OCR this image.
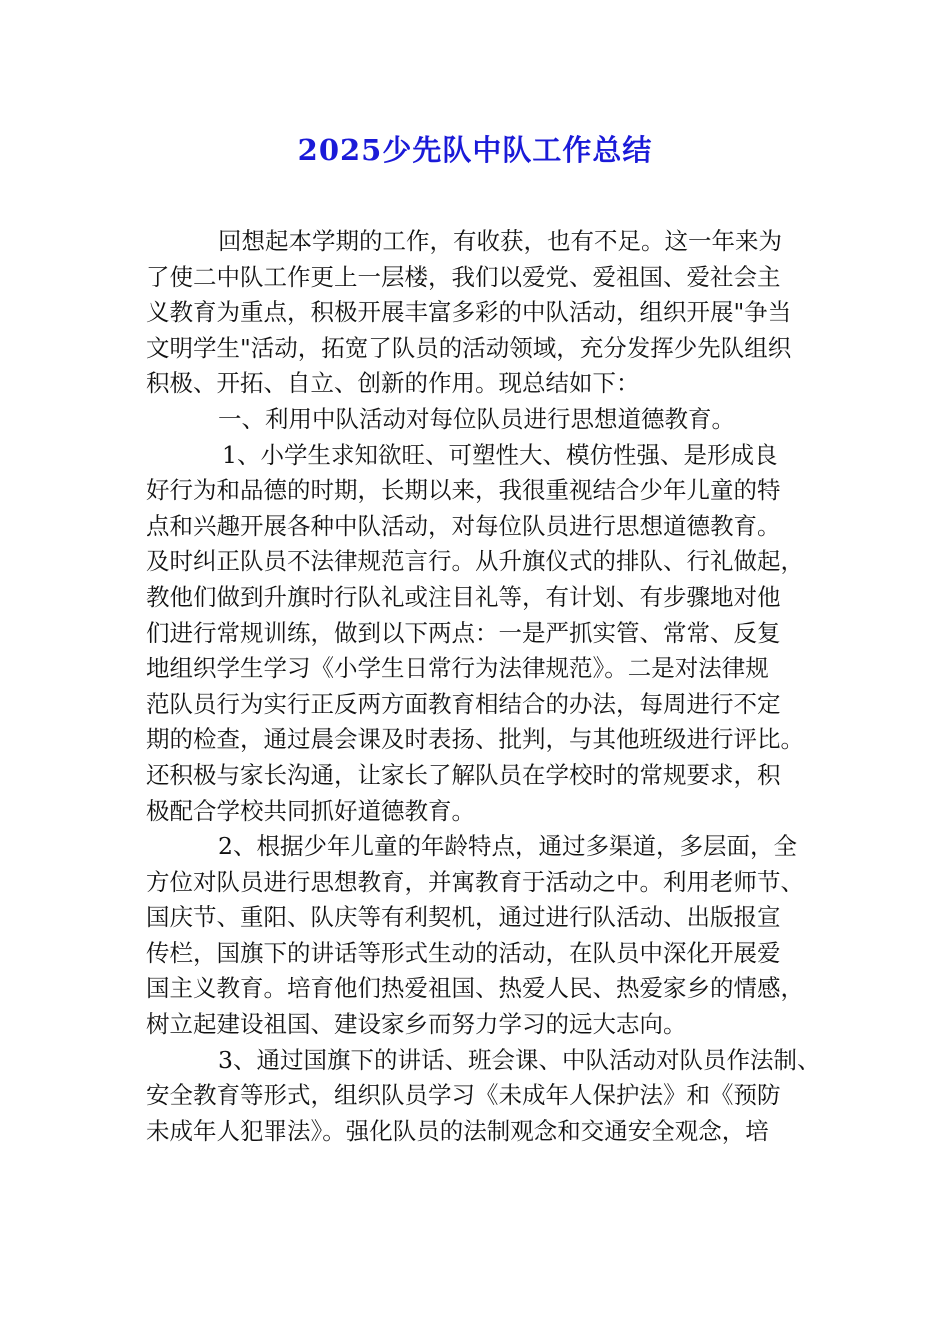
2025少先队中队工作总结
回想起本学期的工作，有收获，也有不足。这一年来为
了使二中队工作更上一层楼，我们以爱党、爱祖国、爱社会主
义教育为重点，积极开展丰富多彩的中队活动，组织开展"争当
文明学生"活动，拓宽了队员的活动领域，充分发挥少先队组织
积极、开拓、自立、创新的作用。现总结如下：
一、利用中队活动对每位队员进行思想道德教育。
1、小学生求知欲旺、可塑性大、模仿性强、是形成良
好行为和品德的时期，长期以来，我很重视结合少年儿童的特
点和兴趣开展各种中队活动，对每位队员进行思想道德教育。
及时纠正队员不法律规范言行。从升旗仪式的排队、行礼做起，
教他们做到升旗时行队礼或注目礼等，有计划、有步骤地对他
们进行常规训练，做到以下两点：一是严抓实管、常常、反复
地组织学生学习《小学生日常行为法律规范》。二是对法律规
范队员行为实行正反两方面教育相结合的办法，每周进行不定
期的检查，通过晨会课及时表扬、批判，与其他班级进行评比。
还积极与家长沟通，让家长了解队员在学校时的常规要求，积
极配合学校共同抓好道德教育。
2、根据少年儿童的年龄特点，通过多渠道，多层面，全
方位对队员进行思想教育，并寓教育于活动之中。利用老师节、
国庆节、重阳、队庆等有利契机，通过进行队活动、出版报宣
传栏，国旗下的讲话等形式生动的活动，在队员中深化开展爱
国主义教育。培育他们热爱祖国、热爱人民、热爱家乡的情感，
树立起建设祖国、建设家乡而努力学习的远大志向。
3、通过国旗下的讲话、班会课、中队活动对队员作法制、
安全教育等形式，组织队员学习《未成年人保护法》和《预防
未成年人犯罪法》。强化队员的法制观念和交通安全观念，培
